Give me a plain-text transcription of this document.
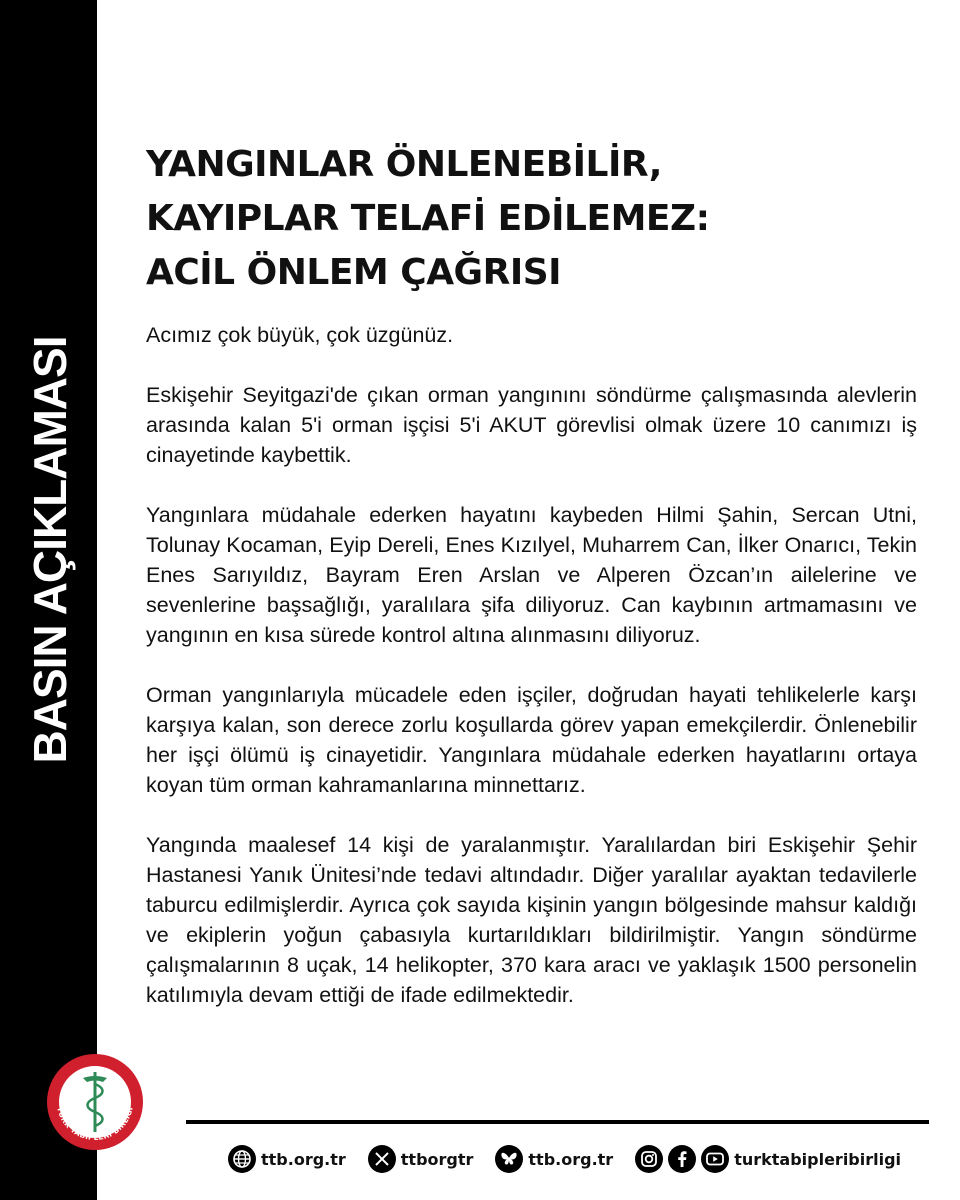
BASIN AÇIKLAMASI
TÜRK TABİPLERİ BİRLİĞİ
YANGINLAR ÖNLENEBİLİR,
KAYIPLAR TELAFİ EDİLEMEZ:
ACİL ÖNLEM ÇAĞRISI

Acımız çok büyük, çok üzgünüz.

Eskişehir Seyitgazi'de çıkan orman yangınını söndürme çalışmasında alevlerin arasında kalan 5'i orman işçisi 5'i AKUT görevlisi olmak üzere 10 canımızı iş cinayetinde kaybettik.

Yangınlara müdahale ederken hayatını kaybeden Hilmi Şahin, Sercan Utni, Tolunay Kocaman, Eyip Dereli, Enes Kızılyel, Muharrem Can, İlker Onarıcı, Tekin Enes Sarıyıldız, Bayram Eren Arslan ve Alperen Özcan’ın ailelerine ve sevenlerine başsağlığı, yaralılara şifa diliyoruz. Can kaybının artmamasını ve yangının en kısa sürede kontrol altına alınmasını diliyoruz.

Orman yangınlarıyla mücadele eden işçiler, doğrudan hayati tehlikelerle karşı karşıya kalan, son derece zorlu koşullarda görev yapan emekçilerdir. Önlenebilir her işçi ölümü iş cinayetidir. Yangınlara müdahale ederken hayatlarını ortaya koyan tüm orman kahramanlarına minnettarız.

Yangında maalesef 14 kişi de yaralanmıştır. Yaralılardan biri Eskişehir Şehir Hastanesi Yanık Ünitesi’nde tedavi altındadır. Diğer yaralılar ayaktan tedavilerle taburcu edilmişlerdir. Ayrıca çok sayıda kişinin yangın bölgesinde mahsur kaldığı ve ekiplerin yoğun çabasıyla kurtarıldıkları bildirilmiştir. Yangın söndürme çalışmalarının 8 uçak, 14 helikopter, 370 kara aracı ve yaklaşık 1500 personelin katılımıyla devam ettiği de ifade edilmektedir.

ttb.org.tr	ttborgtr	ttb.org.tr	turktabipleribirligi
